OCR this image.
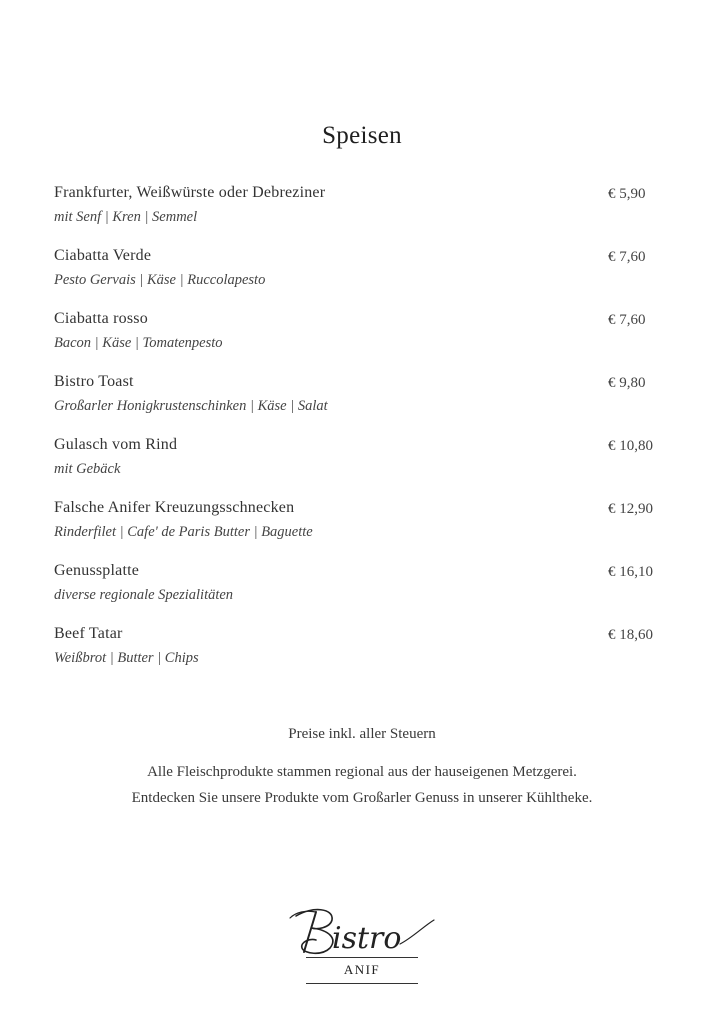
Speisen
Frankfurter, Weißwürste oder Debreziner
mit Senf | Kren | Semmel
€ 5,90
Ciabatta Verde
Pesto Gervais | Käse | Ruccolapesto
€ 7,60
Ciabatta rosso
Bacon | Käse | Tomatenpesto
€ 7,60
Bistro Toast
Großarler Honigkrustenschinken | Käse | Salat
€ 9,80
Gulasch vom Rind
mit Gebäck
€ 10,80
Falsche Anifer Kreuzungsschnecken
Rinderfilet | Cafe' de Paris Butter | Baguette
€ 12,90
Genussplatte
diverse regionale Spezialitäten
€ 16,10
Beef Tatar
Weißbrot | Butter | Chips
€ 18,60
Preise inkl. aller Steuern
Alle Fleischprodukte stammen regional aus der hauseigenen Metzgerei.
Entdecken Sie unsere Produkte vom Großarler Genuss in unserer Kühltheke.
istro
ANIF
